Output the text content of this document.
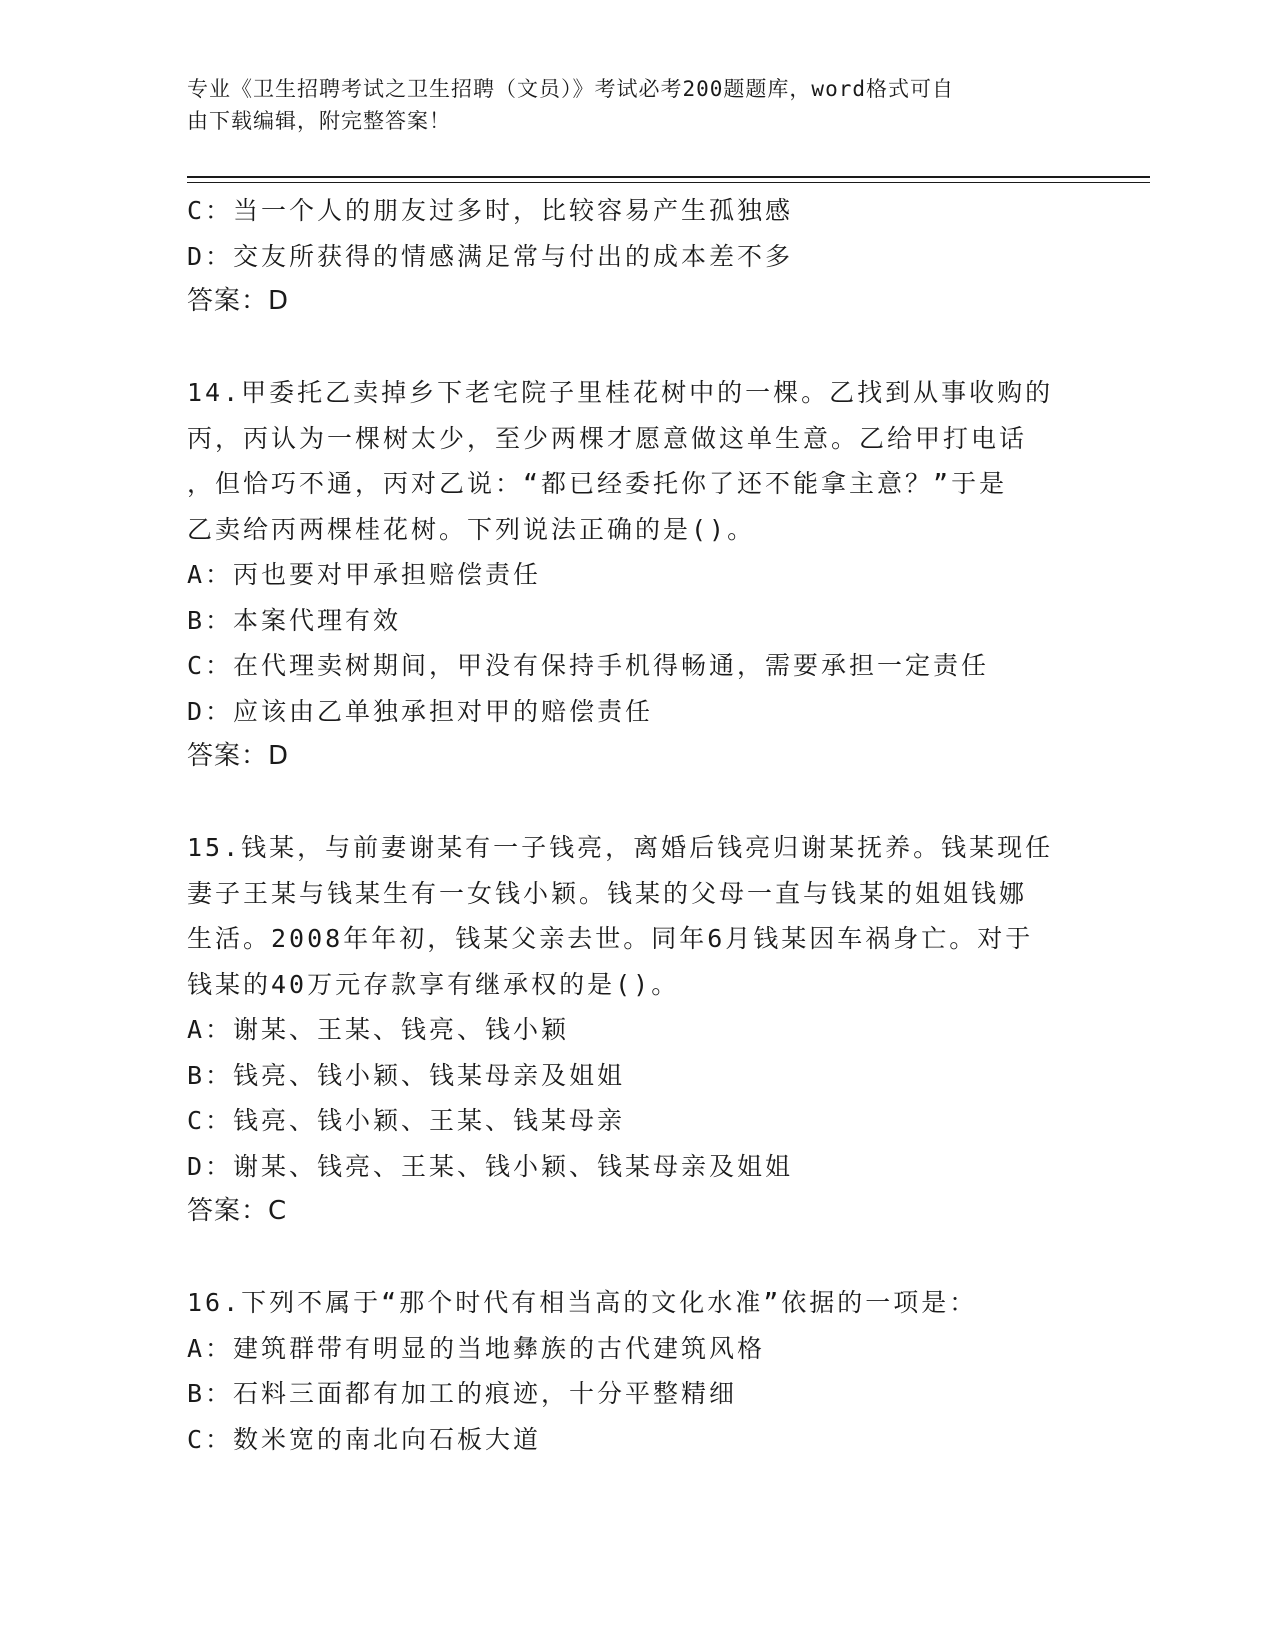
专业《卫生招聘考试之卫生招聘（文员）》考试必考200题题库，word格式可自
由下载编辑，附完整答案！
C：当一个人的朋友过多时，比较容易产生孤独感
D：交友所获得的情感满足常与付出的成本差不多
答案：D
14.甲委托乙卖掉乡下老宅院子里桂花树中的一棵。乙找到从事收购的
丙，丙认为一棵树太少，至少两棵才愿意做这单生意。乙给甲打电话
，但恰巧不通，丙对乙说：“都已经委托你了还不能拿主意？”于是
乙卖给丙两棵桂花树。下列说法正确的是()。
A：丙也要对甲承担赔偿责任
B：本案代理有效
C：在代理卖树期间，甲没有保持手机得畅通，需要承担一定责任
D：应该由乙单独承担对甲的赔偿责任
答案：D
15.钱某，与前妻谢某有一子钱亮，离婚后钱亮归谢某抚养。钱某现任
妻子王某与钱某生有一女钱小颖。钱某的父母一直与钱某的姐姐钱娜
生活。2008年年初，钱某父亲去世。同年6月钱某因车祸身亡。对于
钱某的40万元存款享有继承权的是()。
A：谢某、王某、钱亮、钱小颖
B：钱亮、钱小颖、钱某母亲及姐姐
C：钱亮、钱小颖、王某、钱某母亲
D：谢某、钱亮、王某、钱小颖、钱某母亲及姐姐
答案：C
16.下列不属于“那个时代有相当高的文化水准”依据的一项是：
A：建筑群带有明显的当地彝族的古代建筑风格
B：石料三面都有加工的痕迹，十分平整精细
C：数米宽的南北向石板大道
